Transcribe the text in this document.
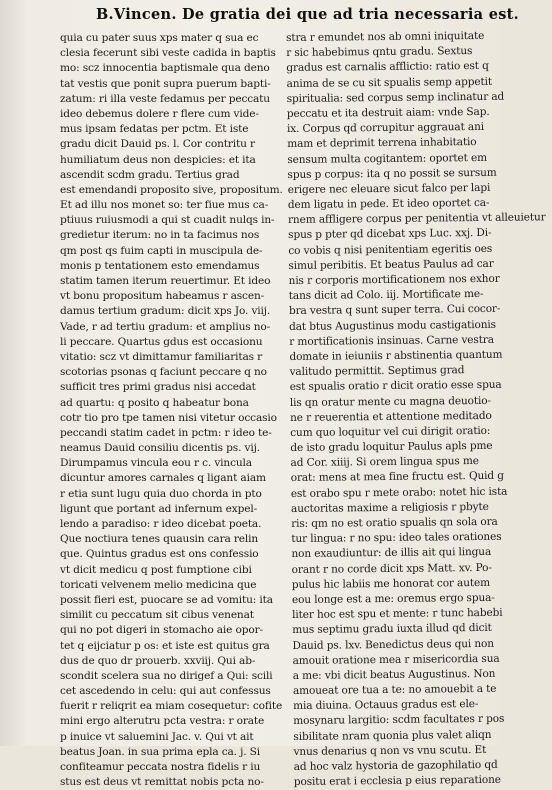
B.Vincen. De gratia dei que ad tria necessaria est.
quia cu pater suus xps mater q sua ec
clesia fecerunt sibi veste cadida in baptis
mo: scz innocentia baptismale qua deno
tat vestis que ponit supra puerum bapti-
zatum: ri illa veste fedamus per peccatu
ideo debemus dolere r flere cum vide-
mus ipsam fedatas per pctm. Et iste
gradu dicit Dauid ps. l. Cor contritu r
humiliatum deus non despicies: et ita
ascendit scdm gradu. Tertius grad
est emendandi proposito sive, propositum.
Et ad illu nos monet so: ter fiue mus ca-
ptiuus ruiusmodi a qui st cuadit nulqs in-
gredietur iterum: no in ta facimus nos
qm post qs fuim capti in muscipula de-
monis p tentationem esto emendamus
statim tamen iterum reuertimur. Et ideo
vt bonu propositum habeamus r ascen-
damus tertium gradum: dicit xps Jo. viij.
Vade, r ad tertiu gradum: et amplius no-
li peccare. Quartus gdus est occasionu
vitatio: scz vt dimittamur familiaritas r
scotorias psonas q faciunt peccare q no
sufficit tres primi gradus nisi accedat
ad quartu: q posito q habeatur bona
cotr tio pro tpe tamen nisi vitetur occasio
peccandi statim cadet in pctm: r ideo te-
neamus Dauid consiliu dicentis ps. vij.
Dirumpamus vincula eou r c. vincula
dicuntur amores carnales q ligant aiam
r etia sunt lugu quia duo chorda in pto
ligunt que portant ad infernum expel-
lendo a paradiso: r ideo dicebat poeta.
Que noctiura tenes quausin cara relin
que. Quintus gradus est ons confessio
vt dicit medicu q post fumptione cibi
toricati velvenem melio medicina que
possit fieri est, puocare se ad vomitu: ita
similit cu peccatum sit cibus venenat
qui no pot digeri in stomacho aie opor-
tet q eijciatur p os: et iste est quitus gra
dus de quo dr prouerb. xxviij. Qui ab-
scondit scelera sua no dirigef a Qui: scili
cet ascedendo in celu: qui aut confessus
fuerit r reliqrit ea miam cosequetur: cofite
mini ergo alterutru pcta vestra: r orate
p inuice vt saluemini Jac. v. Qui vt ait
beatus Joan. in sua prima epla ca. j. Si
confiteamur peccata nostra fidelis r iu
stus est deus vt remittat nobis pcta no-
stra r emundet nos ab omni iniquitate
r sic habebimus qntu gradu. Sextus
gradus est carnalis afflictio: ratio est q
anima de se cu sit spualis semp appetit
spiritualia: sed corpus semp inclinatur ad
peccatu et ita destruit aiam: vnde Sap.
ix. Corpus qd corrupitur aggrauat ani
mam et deprimit terrena inhabitatio
sensum multa cogitantem: oportet em
spus p corpus: ita q no possit se sursum
erigere nec eleuare sicut falco per lapi
dem ligatu in pede. Et ideo oportet ca-
rnem affligere corpus per penitentia vt alleuietur
spus p pter qd dicebat xps Luc. xxj. Di-
co vobis q nisi penitentiam egeritis oes
simul peribitis. Et beatus Paulus ad car
nis r corporis mortificationem nos exhor
tans dicit ad Colo. iij. Mortificate me-
bra vestra q sunt super terra. Cui cocor-
dat btus Augustinus modu castigationis
r mortificationis insinuas. Carne vestra
domate in ieiuniis r abstinentia quantum
valitudo permittit. Septimus grad
est spualis oratio r dicit oratio esse spua
lis qn oratur mente cu magna deuotio-
ne r reuerentia et attentione meditado
cum quo loquitur vel cui dirigit oratio:
de isto gradu loquitur Paulus apls pme
ad Cor. xiiij. Si orem lingua spus me
orat: mens at mea fine fructu est. Quid g
est orabo spu r mete orabo: notet hic ista
auctoritas maxime a religiosis r pbyte
ris: qm no est oratio spualis qn sola ora
tur lingua: r no spu: ideo tales orationes
non exaudiuntur: de illis ait qui lingua
orant r no corde dicit xps Matt. xv. Po-
pulus hic labiis me honorat cor autem
eou longe est a me: oremus ergo spua-
liter hoc est spu et mente: r tunc habebi
mus septimu gradu iuxta illud qd dicit
Dauid ps. lxv. Benedictus deus qui non
amouit oratione mea r misericordia sua
a me: vbi dicit beatus Augustinus. Non
amoueat ore tua a te: no amouebit a te
mia diuina. Octauus gradus est ele-
mosynaru largitio: scdm facultates r pos
sibilitate nram quonia plus valet aliqn
vnus denarius q non vs vnu scutu. Et
ad hoc valz hystoria de gazophilatio qd
positu erat i ecclesia p eius reparatione
